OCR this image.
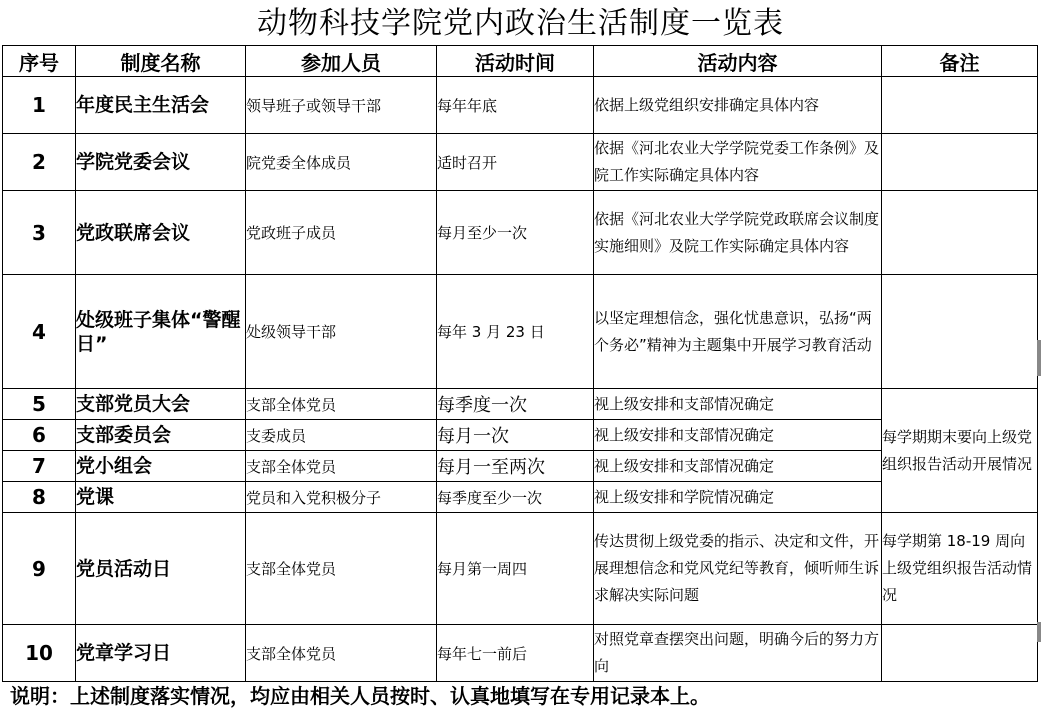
动物科技学院党内政治生活制度一览表
序号	制度名称	参加人员	活动时间	活动内容	备注
1	年度民主生活会	领导班子或领导干部	每年年底	依据上级党组织安排确定具体内容	
2	学院党委会议	院党委全体成员	适时召开	依据《河北农业大学学院党委工作条例》及院工作实际确定具体内容	
3	党政联席会议	党政班子成员	每月至少一次	依据《河北农业大学学院党政联席会议制度实施细则》及院工作实际确定具体内容	
4	处级班子集体“警醒日”	处级领导干部	每年 3 月 23 日	以坚定理想信念，强化忧患意识，弘扬“两个务必”精神为主题集中开展学习教育活动	
5	支部党员大会	支部全体党员	每季度一次	视上级安排和支部情况确定	每学期期末要向上级党组织报告活动开展情况
6	支部委员会	支委成员	每月一次	视上级安排和支部情况确定	
7	党小组会	支部全体党员	每月一至两次	视上级安排和支部情况确定	
8	党课	党员和入党积极分子	每季度至少一次	视上级安排和学院情况确定	
9	党员活动日	支部全体党员	每月第一周四	传达贯彻上级党委的指示、决定和文件，开展理想信念和党风党纪等教育，倾听师生诉求解决实际问题	每学期第 18-19 周向上级党组织报告活动情况
10	党章学习日	支部全体党员	每年七一前后	对照党章查摆突出问题，明确今后的努力方向	
说明：上述制度落实情况，均应由相关人员按时、认真地填写在专用记录本上。
